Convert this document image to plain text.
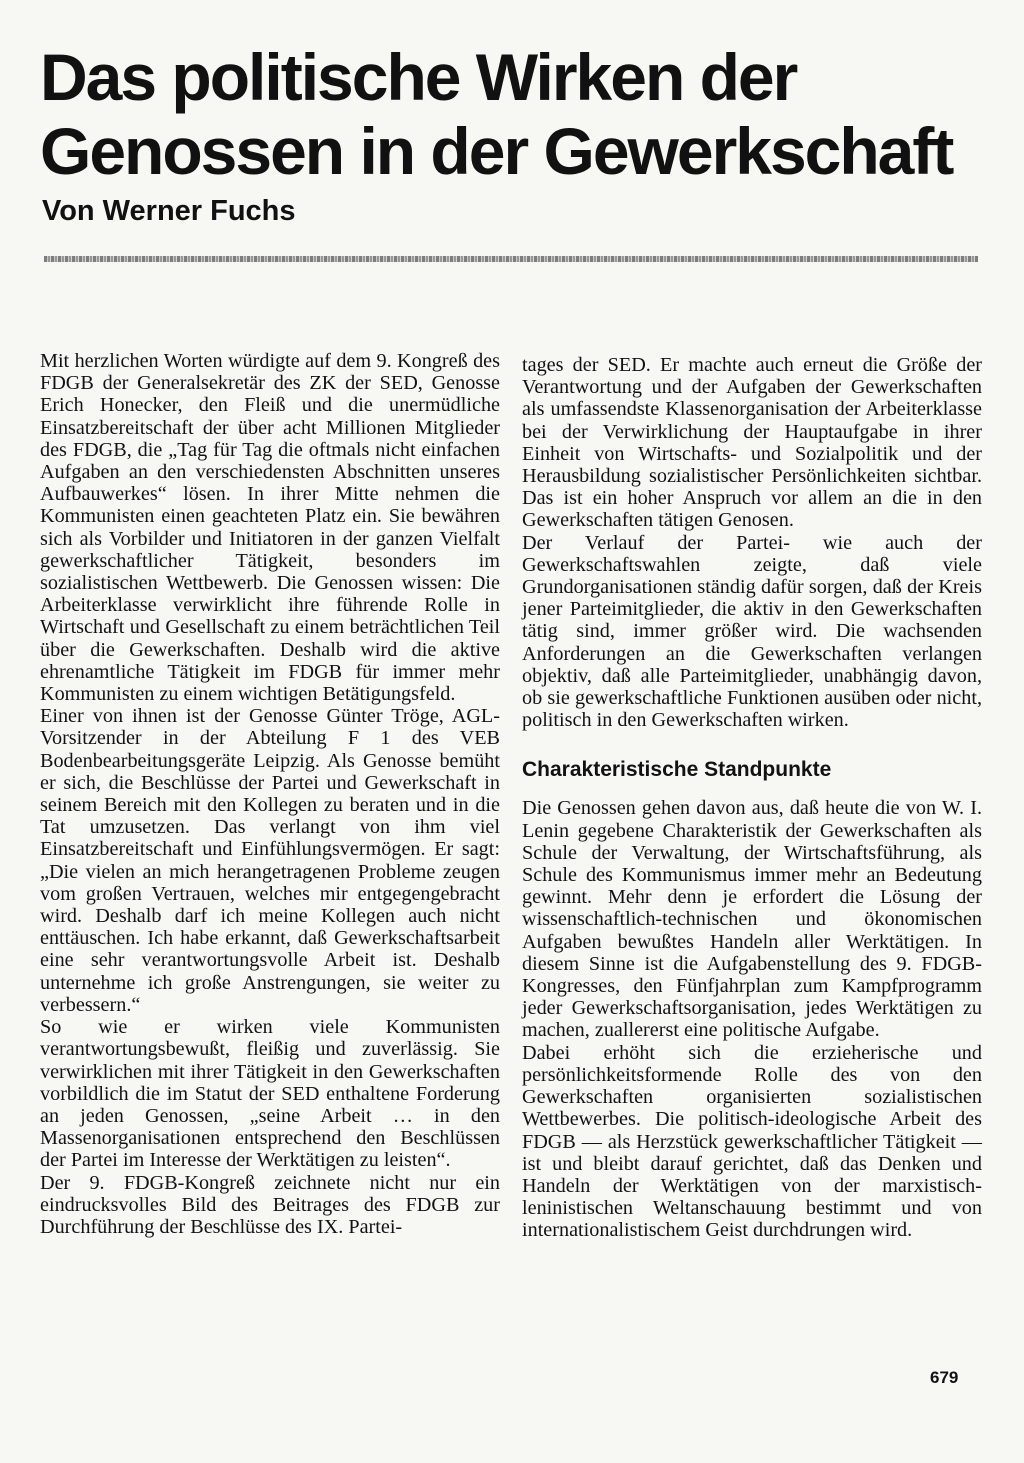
Das politische Wirken der
Genossen in der Gewerkschaft

Von Werner Fuchs

Mit herzlichen Worten würdigte auf dem 9. Kongreß des FDGB der Generalsekretär des ZK der SED, Genosse Erich Honecker, den Fleiß und die unermüdliche Einsatzbereitschaft der über acht Millionen Mitglieder des FDGB, die „Tag für Tag die oftmals nicht einfachen Aufgaben an den verschiedensten Abschnitten unseres Aufbauwerkes“ lösen. In ihrer Mitte nehmen die Kommunisten einen geachteten Platz ein. Sie bewähren sich als Vorbilder und Initiatoren in der ganzen Vielfalt gewerkschaftlicher Tätigkeit, besonders im sozialistischen Wettbewerb. Die Genossen wissen: Die Arbeiterklasse verwirklicht ihre führende Rolle in Wirtschaft und Gesellschaft zu einem beträchtlichen Teil über die Gewerkschaften. Deshalb wird die aktive ehrenamtliche Tätigkeit im FDGB für immer mehr Kommunisten zu einem wichtigen Betätigungsfeld.

Einer von ihnen ist der Genosse Günter Tröge, AGL-Vorsitzender in der Abteilung F 1 des VEB Bodenbearbeitungsgeräte Leipzig. Als Genosse bemüht er sich, die Beschlüsse der Partei und Gewerkschaft in seinem Bereich mit den Kollegen zu beraten und in die Tat umzusetzen. Das verlangt von ihm viel Einsatzbereitschaft und Einfühlungsvermögen. Er sagt: „Die vielen an mich herangetragenen Probleme zeugen vom großen Vertrauen, welches mir entgegengebracht wird. Deshalb darf ich meine Kollegen auch nicht enttäuschen. Ich habe erkannt, daß Gewerkschaftsarbeit eine sehr verantwortungsvolle Arbeit ist. Deshalb unternehme ich große Anstrengungen, sie weiter zu verbessern.“

So wie er wirken viele Kommunisten verantwortungsbewußt, fleißig und zuverlässig. Sie verwirklichen mit ihrer Tätigkeit in den Gewerkschaften vorbildlich die im Statut der SED enthaltene Forderung an jeden Genossen, „seine Arbeit … in den Massenorganisationen entsprechend den Beschlüssen der Partei im Interesse der Werktätigen zu leisten“.

Der 9. FDGB-Kongreß zeichnete nicht nur ein eindrucksvolles Bild des Beitrages des FDGB zur Durchführung der Beschlüsse des IX. Partei-

tages der SED. Er machte auch erneut die Größe der Verantwortung und der Aufgaben der Gewerkschaften als umfassendste Klassenorganisation der Arbeiterklasse bei der Verwirklichung der Hauptaufgabe in ihrer Einheit von Wirtschafts- und Sozialpolitik und der Herausbildung sozialistischer Persönlichkeiten sichtbar. Das ist ein hoher Anspruch vor allem an die in den Gewerkschaften tätigen Genosen.

Der Verlauf der Partei- wie auch der Gewerkschaftswahlen zeigte, daß viele Grundorganisationen ständig dafür sorgen, daß der Kreis jener Parteimitglieder, die aktiv in den Gewerkschaften tätig sind, immer größer wird. Die wachsenden Anforderungen an die Gewerkschaften verlangen objektiv, daß alle Parteimitglieder, unabhängig davon, ob sie gewerkschaftliche Funktionen ausüben oder nicht, politisch in den Gewerkschaften wirken.

Charakteristische Standpunkte

Die Genossen gehen davon aus, daß heute die von W. I. Lenin gegebene Charakteristik der Gewerkschaften als Schule der Verwaltung, der Wirtschaftsführung, als Schule des Kommunismus immer mehr an Bedeutung gewinnt. Mehr denn je erfordert die Lösung der wissenschaftlich-technischen und ökonomischen Aufgaben bewußtes Handeln aller Werktätigen. In diesem Sinne ist die Aufgabenstellung des 9. FDGB-Kongresses, den Fünfjahrplan zum Kampfprogramm jeder Gewerkschaftsorganisation, jedes Werktätigen zu machen, zuallererst eine politische Aufgabe.

Dabei erhöht sich die erzieherische und persönlichkeitsformende Rolle des von den Gewerkschaften organisierten sozialistischen Wettbewerbes. Die politisch-ideologische Arbeit des FDGB — als Herzstück gewerkschaftlicher Tätigkeit — ist und bleibt darauf gerichtet, daß das Denken und Handeln der Werktätigen von der marxistisch-leninistischen Weltanschauung bestimmt und von internationalistischem Geist durchdrungen wird.

679
